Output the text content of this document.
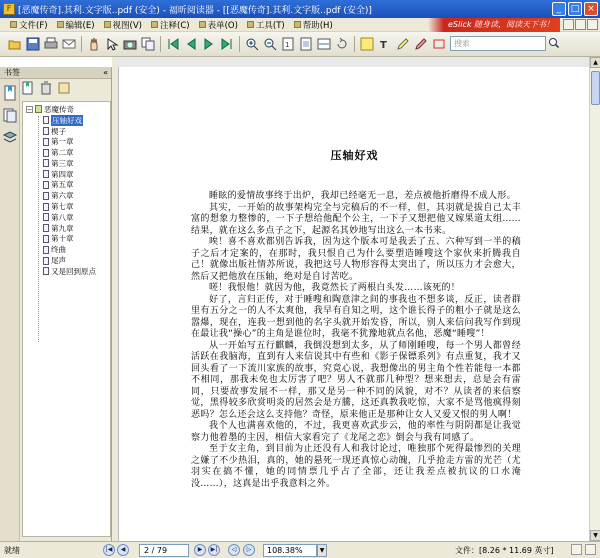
F [恶魔传奇].其利.文字版..pdf (安全) - 福昕阅读器 - [[恶魔传奇].其利.文字版..pdf (安全)]	_	□ ×
文件(F) 编辑(E) 视图(V) 注释(C) 表单(O) 工具(T) 帮助(H)	eSlick 随身读，阅读天下书！
1	T	搜索
书签	«
− 恶魔传奇
压轴好戏
楔子
第一章
第二章
第三章
第四章
第五章
第六章
第七章
第八章
第九章
第十章
终曲
尾声
又是回到原点
压轴好戏

睡眩的爱情故事终于出炉，我却已经毫无一息，差点被他折磨得不成人形。

其实，一开始的故事架构完全与完稿后的不一样，但，其羽就是拔自己太丰富的想象力整惨的，一下子想给他配个公主，一下子又想把他又嫁果道太组……结果，就在这么多点子之下，起源名其妙地写出这么一本书来。

唉！喜不喜欢都别告诉我，因为这个版本可是我丢了五、六种写到一半的稿子之后才定案的，在那时，我只恨自己为什么要塑造睡嗖这个家伙来折腾我自己！就像出版社情苏所说，我把这号人物形容得太突出了，所以压力才会愈大，然后又把他放在压轴，绝对是自讨苦吃。

嗟！我恨他！就因为他，我竟然长了两根白头发……该死的！

好了，言归正传，对于睡嗖和陶意津之间的事我也不想多谈，反正，读者群里有五分之一的人不太爽他，我早有自知之明，这个谁长得子的粗小子就是这么嚣爆，现在，连我一想到他的名字头就开始发昏，所以，别人来信问我写作到现在最让我“操心”的主角是谁位时，我毫不犹豫地就点名他，恶魔“睡嗖”！

从一开始写五行麒麟，我倒没想到太多，从了师刚睡嗖，每一个男人都曾经活跃在我脑海，直到有人来信说其中有些和《影子保镖系列》有点重复，我才又回头看了一下流川家族的故事，究竟心说，我想像出的男主角个性若能每一本都不相同，那我未免也太厉害了吧？男人不就那几种型？想来想去，总是会有雷同，只要故事发展不一样，那又是另一种不同的风貌，对不？从读者的来信察觉，黑得较多欣赏明炎的居然会是方騰，这还真教我吃惊，大家不是骂他疯得刻恶吗？怎么还会这么支持他？奇怪，原来他正是那种让女人又爱又恨的男人啊！

我个人也满喜欢他的，不过，我更喜欢武步云，他的率性与阴阴都是让我觉察力他着墨的主因，相信大家看完了《龙尾之恋》倒会与我有同感了。

至于女主角，到目前为止还没有人和我讨论过，唯独那个死得最惨烈的关理之嫌了不少热泪，真的，她的悬死一现还真惊心动魄，几乎抢走方雷的光芒（尤羽实在搞不懂，她的同情票几乎占了全部，还让我差点被抗议的口水淹没……），这真是出乎我意料之外。

▲
▼
就绪	|◀	◀	2 / 79	▶	▶|	◁	▷	108.38%	▼	文件：[8.26 * 11.69 英寸]
